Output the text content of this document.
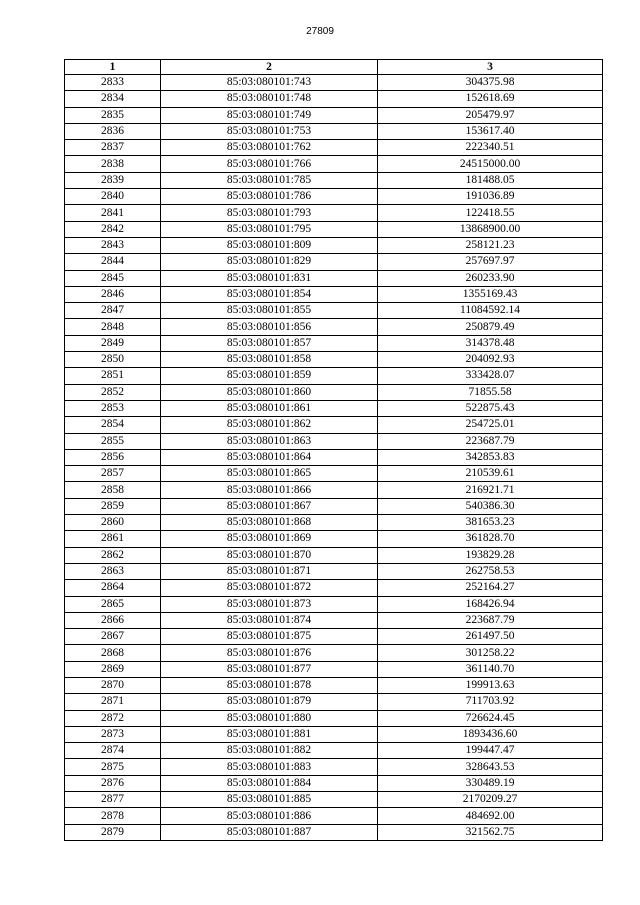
27809
1	2	3
2833	85:03:080101:743	304375.98
2834	85:03:080101:748	152618.69
2835	85:03:080101:749	205479.97
2836	85:03:080101:753	153617.40
2837	85:03:080101:762	222340.51
2838	85:03:080101:766	24515000.00
2839	85:03:080101:785	181488.05
2840	85:03:080101:786	191036.89
2841	85:03:080101:793	122418.55
2842	85:03:080101:795	13868900.00
2843	85:03:080101:809	258121.23
2844	85:03:080101:829	257697.97
2845	85:03:080101:831	260233.90
2846	85:03:080101:854	1355169.43
2847	85:03:080101:855	11084592.14
2848	85:03:080101:856	250879.49
2849	85:03:080101:857	314378.48
2850	85:03:080101:858	204092.93
2851	85:03:080101:859	333428.07
2852	85:03:080101:860	71855.58
2853	85:03:080101:861	522875.43
2854	85:03:080101:862	254725.01
2855	85:03:080101:863	223687.79
2856	85:03:080101:864	342853.83
2857	85:03:080101:865	210539.61
2858	85:03:080101:866	216921.71
2859	85:03:080101:867	540386.30
2860	85:03:080101:868	381653.23
2861	85:03:080101:869	361828.70
2862	85:03:080101:870	193829.28
2863	85:03:080101:871	262758.53
2864	85:03:080101:872	252164.27
2865	85:03:080101:873	168426.94
2866	85:03:080101:874	223687.79
2867	85:03:080101:875	261497.50
2868	85:03:080101:876	301258.22
2869	85:03:080101:877	361140.70
2870	85:03:080101:878	199913.63
2871	85:03:080101:879	711703.92
2872	85:03:080101:880	726624.45
2873	85:03:080101:881	1893436.60
2874	85:03:080101:882	199447.47
2875	85:03:080101:883	328643.53
2876	85:03:080101:884	330489.19
2877	85:03:080101:885	2170209.27
2878	85:03:080101:886	484692.00
2879	85:03:080101:887	321562.75
